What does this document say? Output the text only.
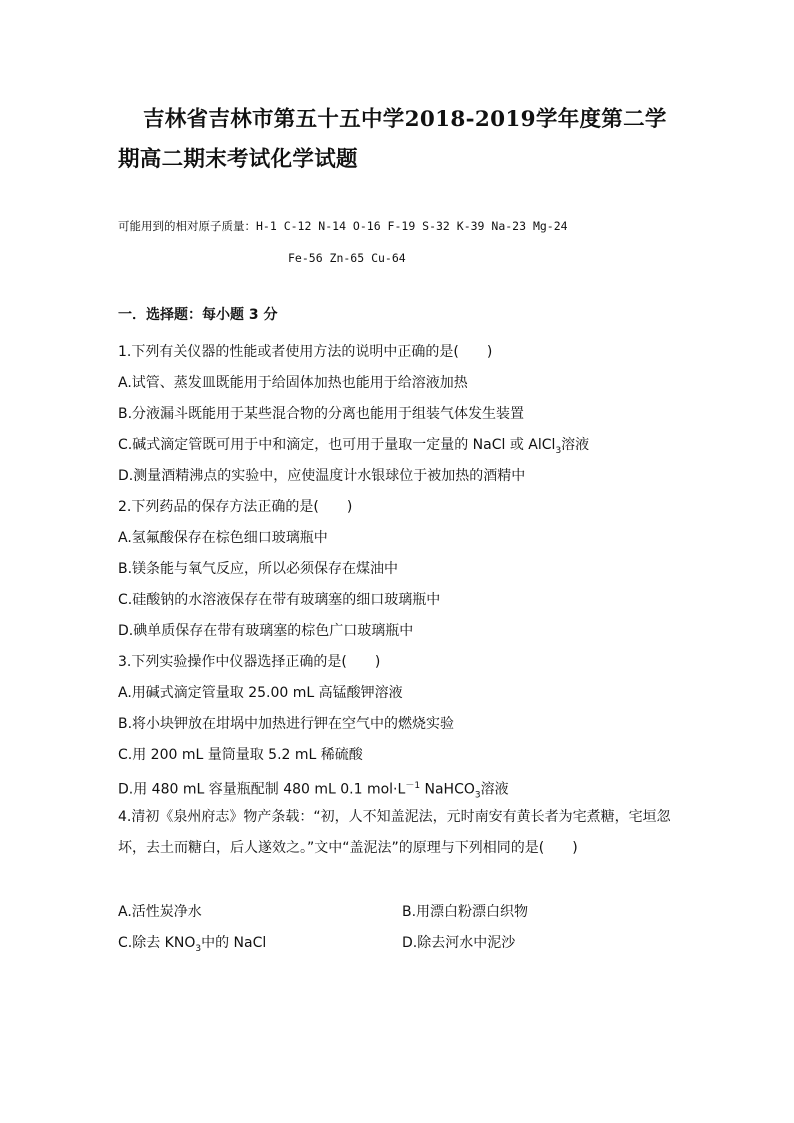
吉林省吉林市第五十五中学2018-2019学年度第二学期高二期末考试化学试题
可能用到的相对原子质量：H-1 C-12 N-14 O-16 F-19 S-32 K-39 Na-23 Mg-24
Fe-56 Zn-65 Cu-64
一．选择题：每小题 3 分
1.下列有关仪器的性能或者使用方法的说明中正确的是(　　)
A.试管、蒸发皿既能用于给固体加热也能用于给溶液加热
B.分液漏斗既能用于某些混合物的分离也能用于组装气体发生装置
C.碱式滴定管既可用于中和滴定，也可用于量取一定量的 NaCl 或 AlCl$_3$溶液
D.测量酒精沸点的实验中，应使温度计水银球位于被加热的酒精中
2.下列药品的保存方法正确的是(　　)
A.氢氟酸保存在棕色细口玻璃瓶中
B.镁条能与氧气反应，所以必须保存在煤油中
C.硅酸钠的水溶液保存在带有玻璃塞的细口玻璃瓶中
D.碘单质保存在带有玻璃塞的棕色广口玻璃瓶中
3.下列实验操作中仪器选择正确的是(　　)
A.用碱式滴定管量取 25.00 mL 高锰酸钾溶液
B.将小块钾放在坩埚中加热进行钾在空气中的燃烧实验
C.用 200 mL 量筒量取 5.2 mL 稀硫酸
D.用 480 mL 容量瓶配制 480 mL 0.1 $mol\cdot L^{-1}$ NaHCO$_3$溶液
4.清初《泉州府志》物产条载：“初，人不知盖泥法，元时南安有黄长者为宅煮糖，宅垣忽坏，去土而糖白，后人遂效之。”文中“盖泥法”的原理与下列相同的是(　　)
A.活性炭净水	B.用漂白粉漂白织物
C.除去 $KNO_3$中的 NaCl	D.除去河水中泥沙
